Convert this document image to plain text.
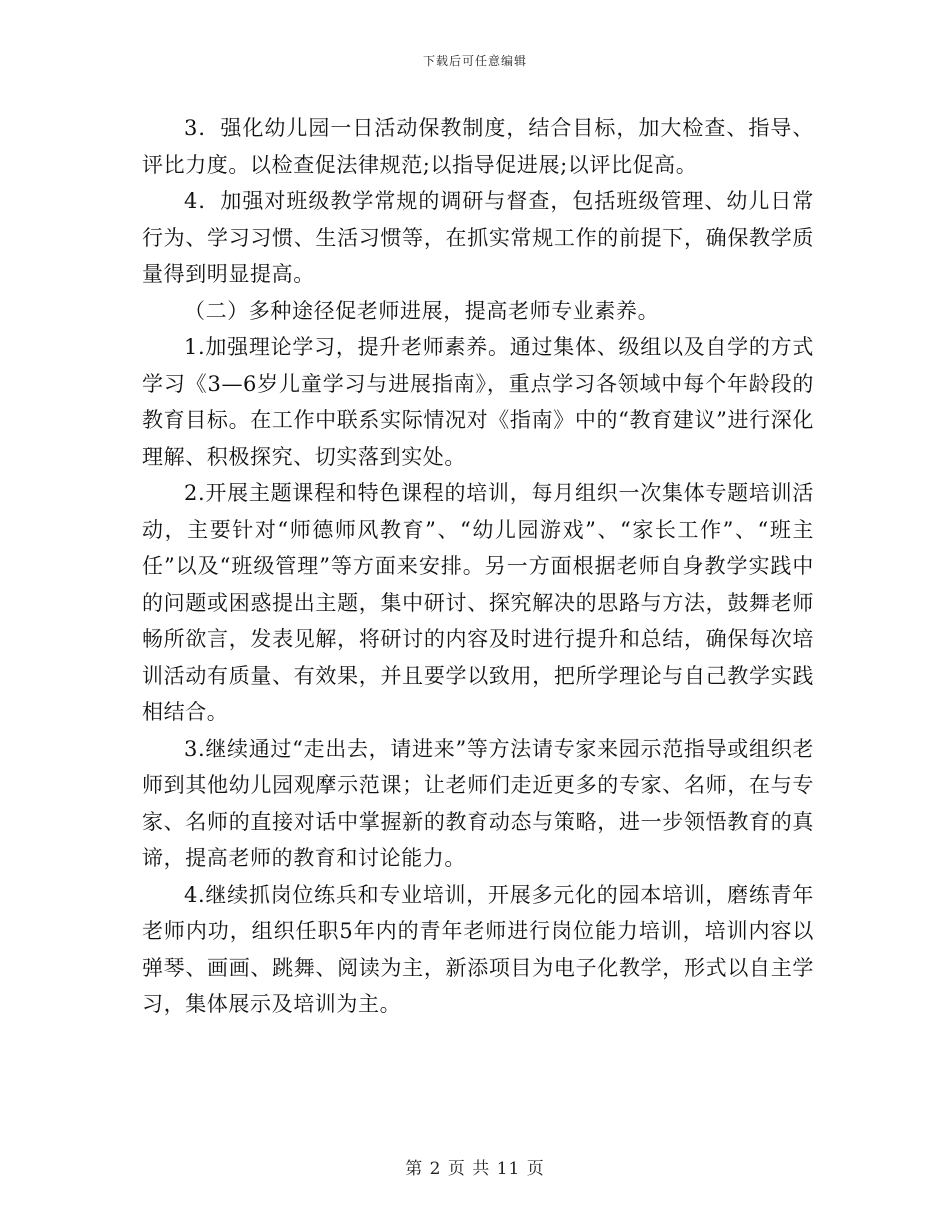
下载后可任意编辑

3．强化幼儿园一日活动保教制度，结合目标，加大检查、指导、评比力度。以检查促法律规范;以指导促进展;以评比促高。

4．加强对班级教学常规的调研与督查，包括班级管理、幼儿日常行为、学习习惯、生活习惯等，在抓实常规工作的前提下，确保教学质量得到明显提高。

（二）多种途径促老师进展，提高老师专业素养。

1.加强理论学习，提升老师素养。通过集体、级组以及自学的方式学习《3—6岁儿童学习与进展指南》，重点学习各领域中每个年龄段的教育目标。在工作中联系实际情况对《指南》中的“教育建议”进行深化理解、积极探究、切实落到实处。

2.开展主题课程和特色课程的培训，每月组织一次集体专题培训活动，主要针对“师德师风教育”、“幼儿园游戏”、“家长工作”、“班主任”以及“班级管理”等方面来安排。另一方面根据老师自身教学实践中的问题或困惑提出主题，集中研讨、探究解决的思路与方法，鼓舞老师畅所欲言，发表见解，将研讨的内容及时进行提升和总结，确保每次培训活动有质量、有效果，并且要学以致用，把所学理论与自己教学实践相结合。

3.继续通过“走出去，请进来”等方法请专家来园示范指导或组织老师到其他幼儿园观摩示范课；让老师们走近更多的专家、名师，在与专家、名师的直接对话中掌握新的教育动态与策略，进一步领悟教育的真谛，提高老师的教育和讨论能力。

4.继续抓岗位练兵和专业培训，开展多元化的园本培训，磨练青年老师内功，组织任职5年内的青年老师进行岗位能力培训，培训内容以弹琴、画画、跳舞、阅读为主，新添项目为电子化教学，形式以自主学习，集体展示及培训为主。

第 2 页 共 11 页
